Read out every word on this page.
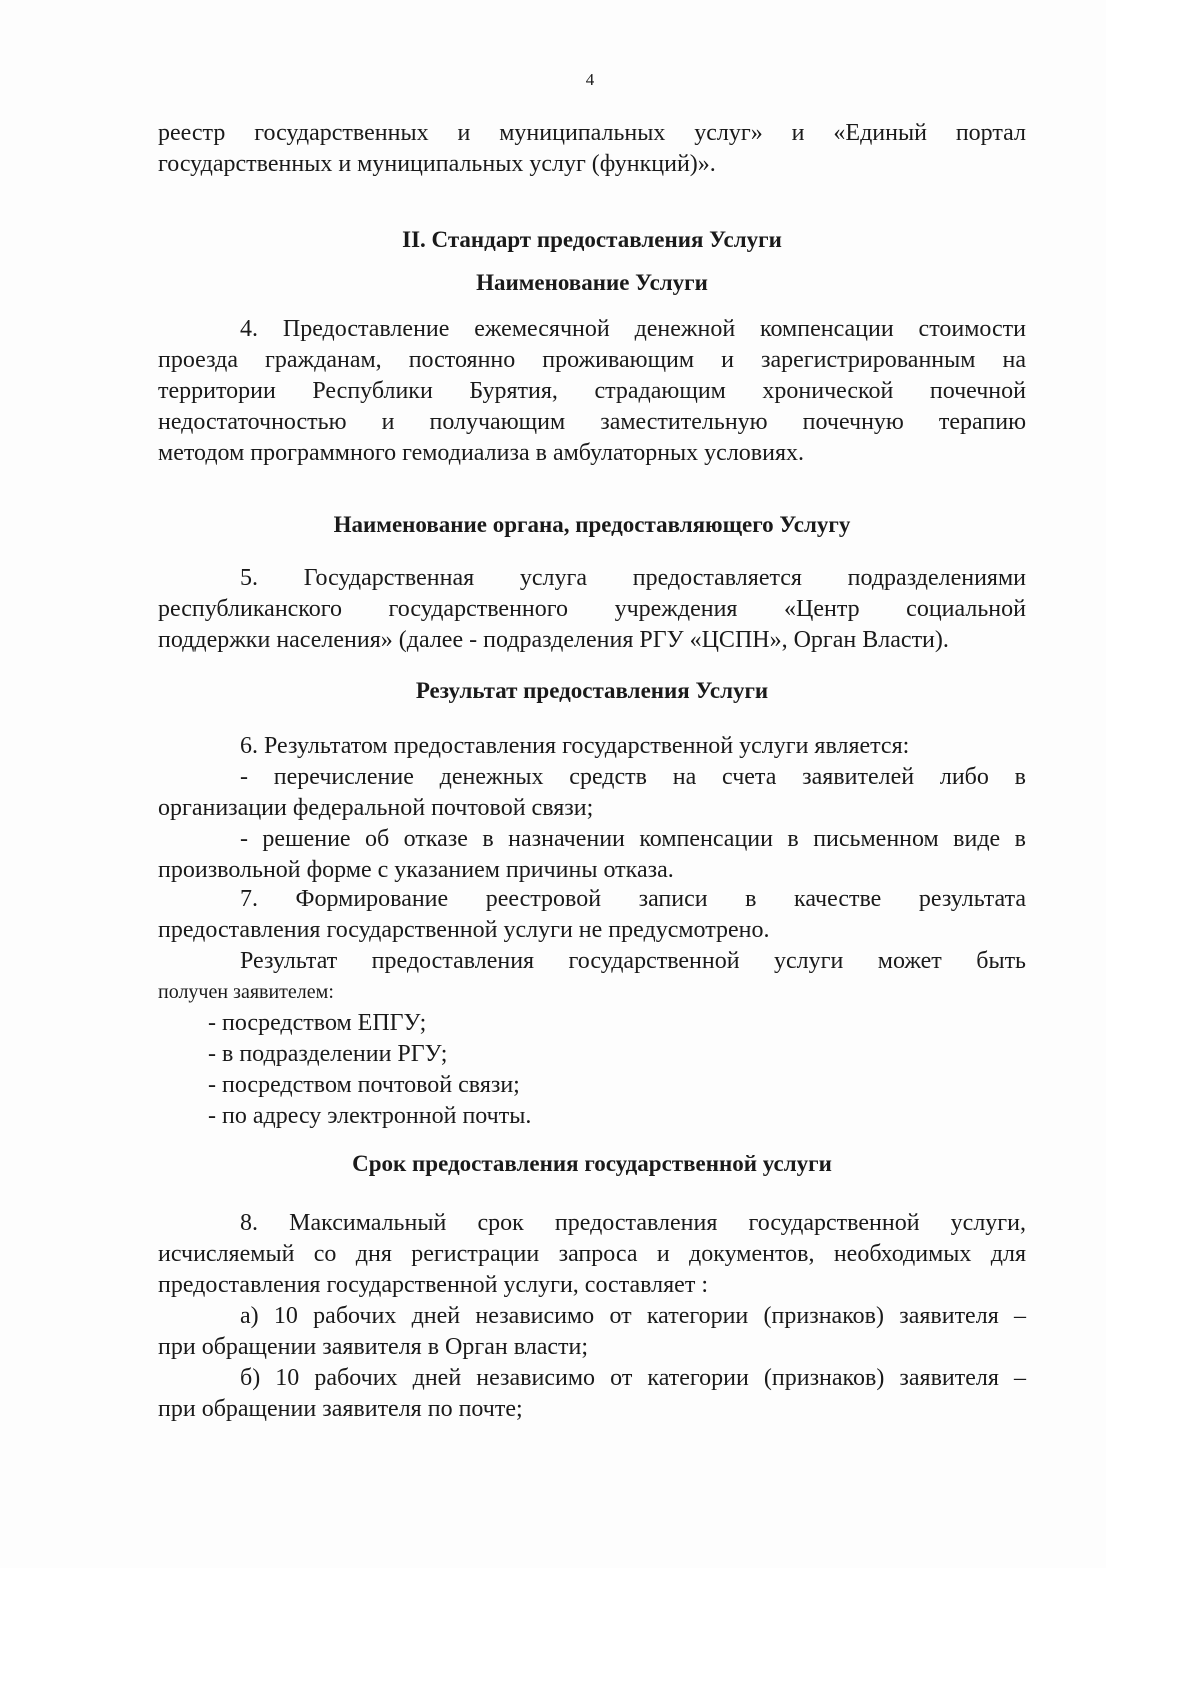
4
реестр государственных и муниципальных услуг» и «Единый портал
государственных и муниципальных услуг (функций)».
II. Стандарт предоставления Услуги
Наименование Услуги
4. Предоставление ежемесячной денежной компенсации стоимости
проезда гражданам, постоянно проживающим и зарегистрированным на
территории Республики Бурятия, страдающим хронической почечной
недостаточностью и получающим заместительную почечную терапию
методом программного гемодиализа в амбулаторных условиях.
Наименование органа, предоставляющего Услугу
5. Государственная услуга предоставляется подразделениями
республиканского государственного учреждения «Центр социальной
поддержки населения» (далее - подразделения РГУ «ЦСПН», Орган Власти).
Результат предоставления Услуги
6. Результатом предоставления государственной услуги является:
- перечисление денежных средств на счета заявителей либо в
организации федеральной почтовой связи;
- решение об отказе в назначении компенсации в письменном виде в
произвольной форме с указанием причины отказа.
7. Формирование реестровой записи в качестве результата
предоставления государственной услуги не предусмотрено.
Результат предоставления государственной услуги может быть
получен заявителем:
- посредством ЕПГУ;
- в подразделении РГУ;
- посредством почтовой связи;
- по адресу электронной почты.
Срок предоставления государственной услуги
8. Максимальный срок предоставления государственной услуги,
исчисляемый со дня регистрации запроса и документов, необходимых для
предоставления государственной услуги, составляет :
а) 10 рабочих дней независимо от категории (признаков) заявителя –
при обращении заявителя в Орган власти;
б) 10 рабочих дней независимо от категории (признаков) заявителя –
при обращении заявителя по почте;
